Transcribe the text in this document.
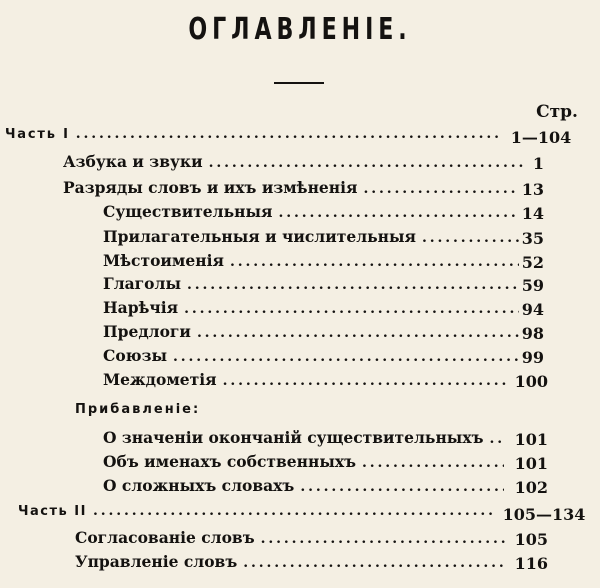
ОГЛАВЛЕНIЕ.
Стр.
Часть I . . .	1—104
Азбука и звуки . . .	1
Разряды словъ и ихъ измѣненiя . . .	13
Существительныя . . .	14
Прилагательныя и числительныя . . .	35
Мѣстоименiя . . .	52
Глаголы . . .	59
Нарѣчiя . . .	94
Предлоги . . .	98
Союзы . . .	99
Междометiя . . .	100
Прибавленiе:
О значенiи окончанiй существительныхъ . . .	101
Объ именахъ собственныхъ . . .	101
О сложныхъ словахъ . . .	102
Часть II . . .	105—134
Согласованiе словъ . . .	105
Управленiе словъ . . .	116
